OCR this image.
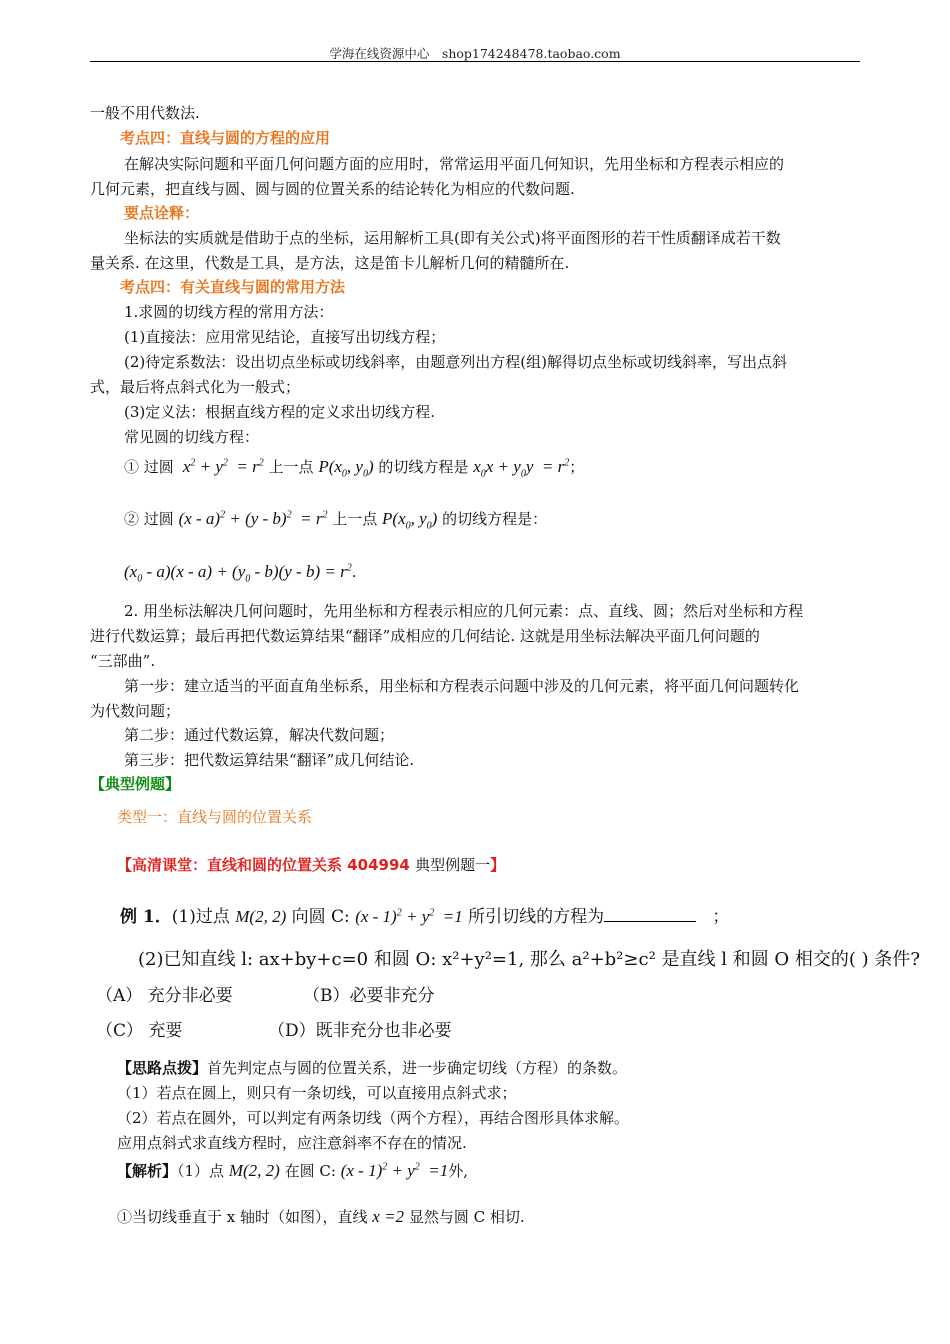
学海在线资源中心　shop174248478.taobao.com
一般不用代数法.
考点四：直线与圆的方程的应用
在解决实际问题和平面几何问题方面的应用时，常常运用平面几何知识，先用坐标和方程表示相应的
几何元素，把直线与圆、圆与圆的位置关系的结论转化为相应的代数问题.
要点诠释：
坐标法的实质就是借助于点的坐标，运用解析工具(即有关公式)将平面图形的若干性质翻译成若干数
量关系. 在这里，代数是工具，是方法，这是笛卡儿解析几何的精髓所在.
考点四：有关直线与圆的常用方法
1.求圆的切线方程的常用方法：
(1)直接法：应用常见结论，直接写出切线方程；
(2)待定系数法：设出切点坐标或切线斜率，由题意列出方程(组)解得切点坐标或切线斜率，写出点斜
式，最后将点斜式化为一般式；
(3)定义法：根据直线方程的定义求出切线方程.
常见圆的切线方程：
① 过圆  $x^2 + y^2 = r^2$ 上一点 $P(x_0$, $y_0$) 的切线方程是 $x_0x + y_0y = r^2$；
② 过圆 $(x - a)^2 + (y - b)^2 = r^2$ 上一点 $P(x_0$, $y_0$) 的切线方程是：
$(x_0 - a)(x - a) + (y_0 - b)(y - b) = r^2$.
2. 用坐标法解决几何问题时，先用坐标和方程表示相应的几何元素：点、直线、圆；然后对坐标和方程
进行代数运算；最后再把代数运算结果“翻译”成相应的几何结论. 这就是用坐标法解决平面几何问题的
“三部曲”.
第一步：建立适当的平面直角坐标系，用坐标和方程表示问题中涉及的几何元素，将平面几何问题转化
为代数问题；
第二步：通过代数运算，解决代数问题；
第三步：把代数运算结果“翻译”成几何结论.
【典型例题】
类型一：直线与圆的位置关系
【高清课堂：直线和圆的位置关系 404994 典型例题一】
例 1．(1)过点 M(2, 2) 向圆 C: $(x - 1)^2 + y^2 =1$ 所引切线的方程为	；
(2)已知直线 l: ax+by+c=0 和圆 O: x²+y²=1, 那么 a²+b²≥c² 是直线 l 和圆 O 相交的( ) 条件?
（A） 充分非必要	（B）必要非充分
（C） 充要	（D）既非充分也非必要
【思路点拨】首先判定点与圆的位置关系，进一步确定切线（方程）的条数。
（1）若点在圆上，则只有一条切线，可以直接用点斜式求；
（2）若点在圆外，可以判定有两条切线（两个方程），再结合图形具体求解。
应用点斜式求直线方程时，应注意斜率不存在的情况.
【解析】（1）点 M(2, 2) 在圆 C: $(x - 1)^2 + y^2 =1$外,
①当切线垂直于 x 轴时（如图），直线 x =2 显然与圆 C 相切.
